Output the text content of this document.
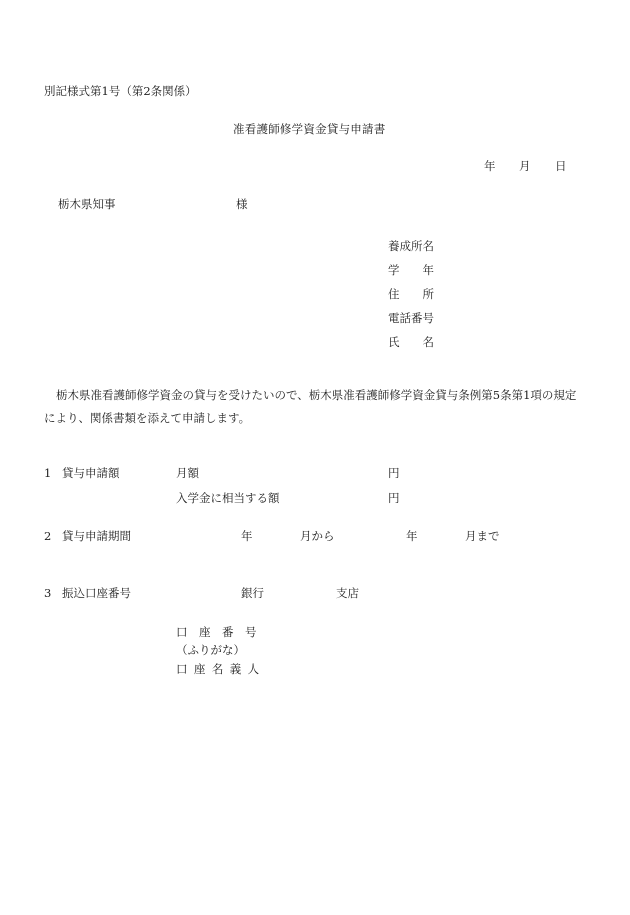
別記様式第1号（第2条関係）
准看護師修学資金貸与申請書
年 月 日
栃木県知事	様
養成所名
学　　年
住　　所
電話番号
氏　　名
栃木県准看護師修学資金の貸与を受けたいので、栃木県准看護師修学資金貸与条例第5条第1項の規定により、関係書類を添えて申請します。
1 貸与申請額	月額	円
入学金に相当する額	円
2 貸与申請期間	年	月から	年	月まで
3 振込口座番号	銀行	支店
口　座　番　号
（ふりがな）
口 座 名 義 人
